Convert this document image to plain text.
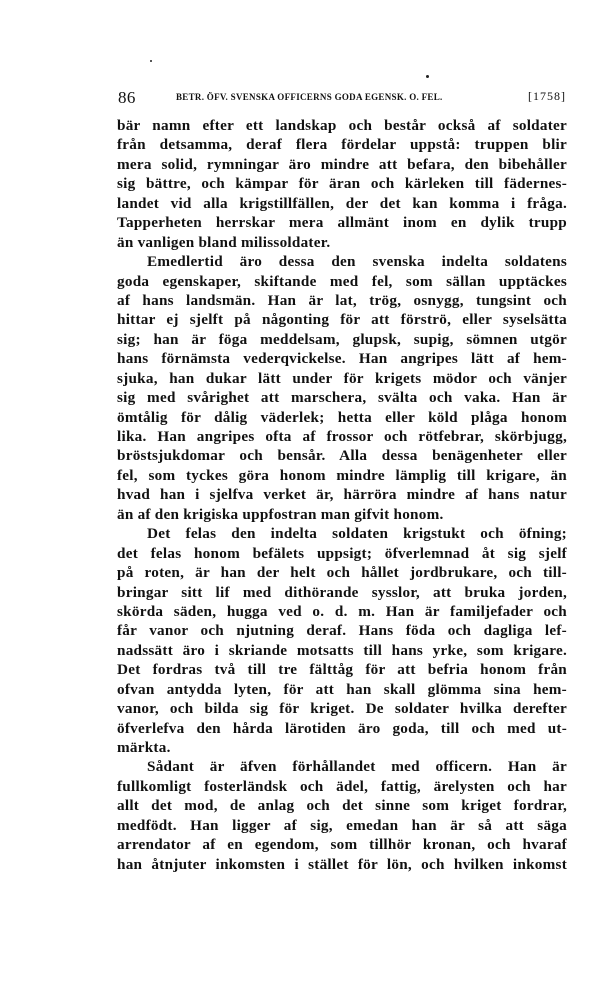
86	BETR. ÖFV. SVENSKA OFFICERNS GODA EGENSK. O. FEL.	[1758]
bär namn efter ett landskap och består också af soldater
från detsamma, deraf flera fördelar uppstå: truppen blir
mera solid, rymningar äro mindre att befara, den bibehåller
sig bättre, och kämpar för äran och kärleken till fädernes-
landet vid alla krigstillfällen, der det kan komma i fråga.
Tapperheten herrskar mera allmänt inom en dylik trupp
än vanligen bland milissoldater.
Emedlertid äro dessa den svenska indelta soldatens
goda egenskaper, skiftande med fel, som sällan upptäckes
af hans landsmän. Han är lat, trög, osnygg, tungsint och
hittar ej sjelft på någonting för att förströ, eller syselsätta
sig; han är föga meddelsam, glupsk, supig, sömnen utgör
hans förnämsta vederqvickelse. Han angripes lätt af hem-
sjuka, han dukar lätt under för krigets mödor och vänjer
sig med svårighet att marschera, svälta och vaka. Han är
ömtålig för dålig väderlek; hetta eller köld plåga honom
lika. Han angripes ofta af frossor och rötfebrar, skörbjugg,
bröstsjukdomar och bensår. Alla dessa benägenheter eller
fel, som tyckes göra honom mindre lämplig till krigare, än
hvad han i sjelfva verket är, härröra mindre af hans natur
än af den krigiska uppfostran man gifvit honom.
Det felas den indelta soldaten krigstukt och öfning;
det felas honom befälets uppsigt; öfverlemnad åt sig sjelf
på roten, är han der helt och hållet jordbrukare, och till-
bringar sitt lif med dithörande sysslor, att bruka jorden,
skörda säden, hugga ved o. d. m. Han är familjefader och
får vanor och njutning deraf. Hans föda och dagliga lef-
nadssätt äro i skriande motsatts till hans yrke, som krigare.
Det fordras två till tre fälttåg för att befria honom från
ofvan antydda lyten, för att han skall glömma sina hem-
vanor, och bilda sig för kriget. De soldater hvilka derefter
öfverlefva den hårda lärotiden äro goda, till och med ut-
märkta.
Sådant är äfven förhållandet med officern. Han är
fullkomligt fosterländsk och ädel, fattig, ärelysten och har
allt det mod, de anlag och det sinne som kriget fordrar,
medfödt. Han ligger af sig, emedan han är så att säga
arrendator af en egendom, som tillhör kronan, och hvaraf
han åtnjuter inkomsten i stället för lön, och hvilken inkomst
